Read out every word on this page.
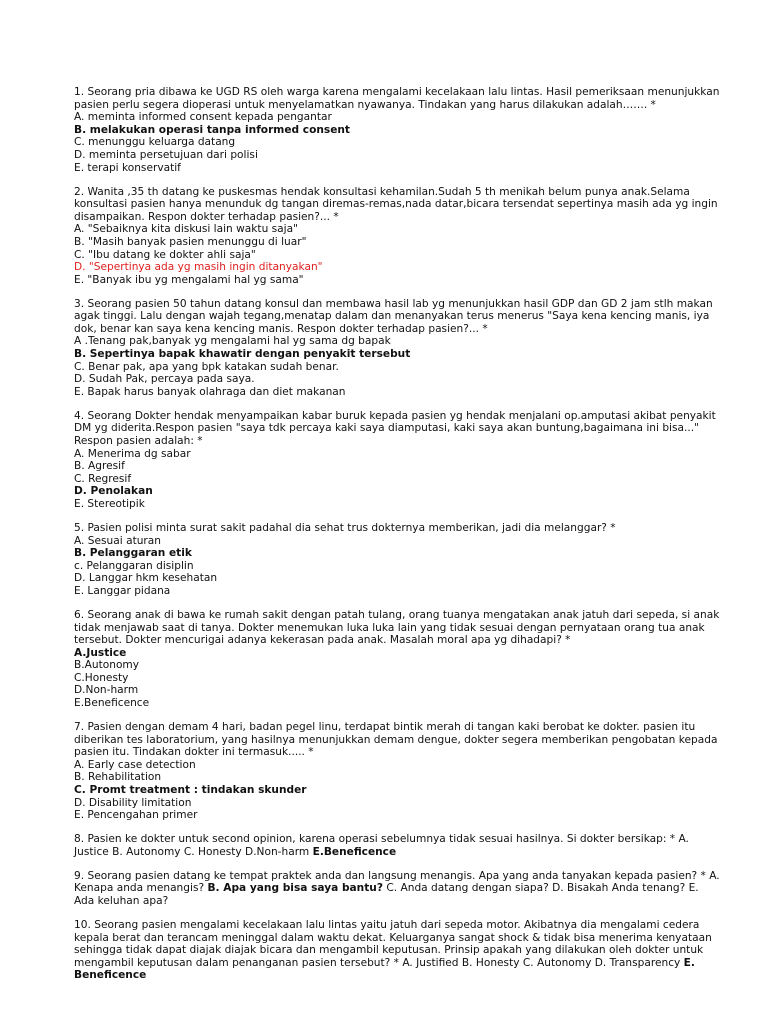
1. Seorang pria dibawa ke UGD RS oleh warga karena mengalami kecelakaan lalu lintas. Hasil pemeriksaan menunjukkan
pasien perlu segera dioperasi untuk menyelamatkan nyawanya. Tindakan yang harus dilakukan adalah……. *
A. meminta informed consent kepada pengantar
B. melakukan operasi tanpa informed consent
C. menunggu keluarga datang
D. meminta persetujuan dari polisi
E. terapi konservatif
2. Wanita ,35 th datang ke puskesmas hendak konsultasi kehamilan.Sudah 5 th menikah belum punya anak.Selama
konsultasi pasien hanya menunduk dg tangan diremas-remas,nada datar,bicara tersendat sepertinya masih ada yg ingin
disampaikan. Respon dokter terhadap pasien?... *
A. "Sebaiknya kita diskusi lain waktu saja"
B. "Masih banyak pasien menunggu di luar"
C. "Ibu datang ke dokter ahli saja"
D. "Sepertinya ada yg masih ingin ditanyakan"
E. "Banyak ibu yg mengalami hal yg sama"
3. Seorang pasien 50 tahun datang konsul dan membawa hasil lab yg menunjukkan hasil GDP dan GD 2 jam stlh makan
agak tinggi. Lalu dengan wajah tegang,menatap dalam dan menanyakan terus menerus "Saya kena kencing manis, iya
dok, benar kan saya kena kencing manis. Respon dokter terhadap pasien?... *
A .Tenang pak,banyak yg mengalami hal yg sama dg bapak
B. Sepertinya bapak khawatir dengan penyakit tersebut
C. Benar pak, apa yang bpk katakan sudah benar.
D. Sudah Pak, percaya pada saya.
E. Bapak harus banyak olahraga dan diet makanan
4. Seorang Dokter hendak menyampaikan kabar buruk kepada pasien yg hendak menjalani op.amputasi akibat penyakit
DM yg diderita.Respon pasien "saya tdk percaya kaki saya diamputasi, kaki saya akan buntung,bagaimana ini bisa..."
Respon pasien adalah: *
A. Menerima dg sabar
B. Agresif
C. Regresif
D. Penolakan
E. Stereotipik
5. Pasien polisi minta surat sakit padahal dia sehat trus dokternya memberikan, jadi dia melanggar? *
A. Sesuai aturan
B. Pelanggaran etik
c. Pelanggaran disiplin
D. Langgar hkm kesehatan
E. Langgar pidana
6. Seorang anak di bawa ke rumah sakit dengan patah tulang, orang tuanya mengatakan anak jatuh dari sepeda, si anak
tidak menjawab saat di tanya. Dokter menemukan luka luka lain yang tidak sesuai dengan pernyataan orang tua anak
tersebut. Dokter mencurigai adanya kekerasan pada anak. Masalah moral apa yg dihadapi? *
A.Justice
B.Autonomy
C.Honesty
D.Non-harm
E.Beneficence
7. Pasien dengan demam 4 hari, badan pegel linu, terdapat bintik merah di tangan kaki berobat ke dokter. pasien itu
diberikan tes laboratorium, yang hasilnya menunjukkan demam dengue, dokter segera memberikan pengobatan kepada
pasien itu. Tindakan dokter ini termasuk..... *
A. Early case detection
B. Rehabilitation
C. Promt treatment : tindakan skunder
D. Disability limitation
E. Pencengahan primer
8. Pasien ke dokter untuk second opinion, karena operasi sebelumnya tidak sesuai hasilnya. Si dokter bersikap: * A.
Justice B. Autonomy C. Honesty D.Non-harm E.Beneficence
9. Seorang pasien datang ke tempat praktek anda dan langsung menangis. Apa yang anda tanyakan kepada pasien? * A.
Kenapa anda menangis? B. Apa yang bisa saya bantu? C. Anda datang dengan siapa? D. Bisakah Anda tenang? E.
Ada keluhan apa?
10. Seorang pasien mengalami kecelakaan lalu lintas yaitu jatuh dari sepeda motor. Akibatnya dia mengalami cedera
kepala berat dan terancam meninggal dalam waktu dekat. Keluarganya sangat shock & tidak bisa menerima kenyataan
sehingga tidak dapat diajak diajak bicara dan mengambil keputusan. Prinsip apakah yang dilakukan oleh dokter untuk
mengambil keputusan dalam penanganan pasien tersebut? * A. Justified B. Honesty C. Autonomy D. Transparency E.
Beneficence
